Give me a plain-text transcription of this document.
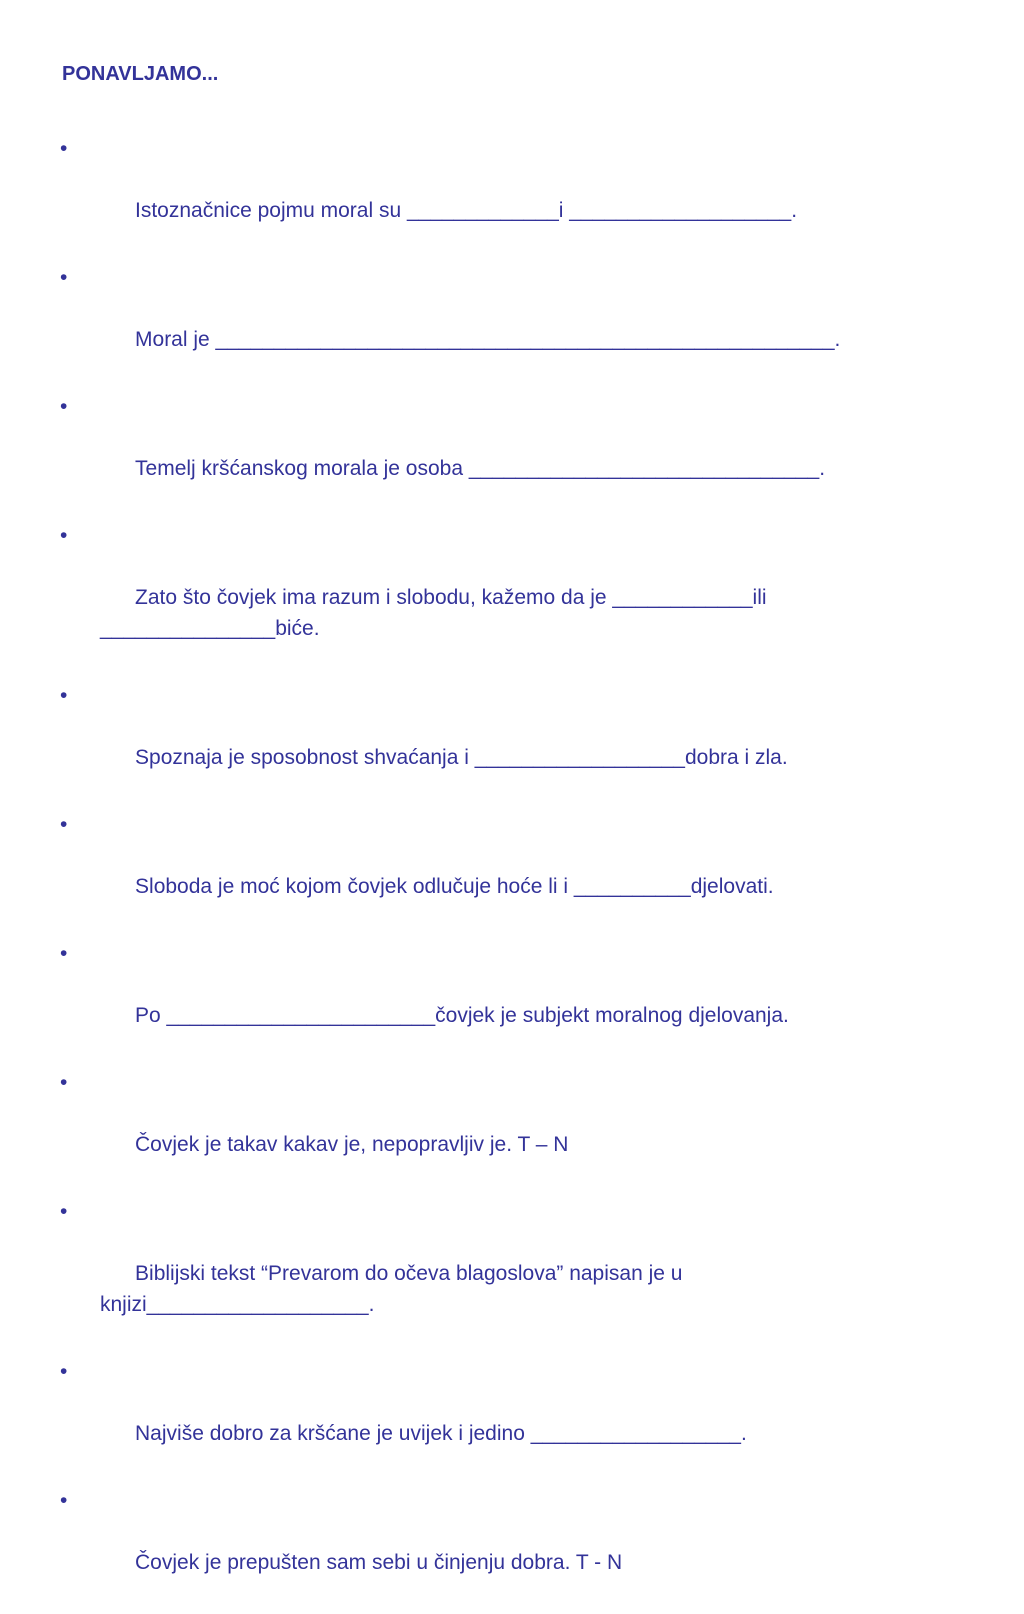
PONAVLJAMO...

•

Istoznačnice pojmu moral su _____________i ___________________.

•

Moral je _____________________________________________________.

•

Temelj kršćanskog morala je osoba ______________________________.

•

Zato što čovjek ima razum i slobodu, kažemo da je ____________ili
_______________biće.

•

Spoznaja je sposobnost shvaćanja i __________________dobra i zla.

•

Sloboda je moć kojom čovjek odlučuje hoće li i __________djelovati.

•

Po _______________________čovjek je subjekt moralnog djelovanja.

•

Čovjek je takav kakav je, nepopravljiv je. T – N

•

Biblijski tekst “Prevarom do očeva blagoslova” napisan je u
knjizi___________________.

•

Najviše dobro za kršćane je uvijek i jedino __________________.

•

Čovjek je prepušten sam sebi u činjenju dobra. T - N
